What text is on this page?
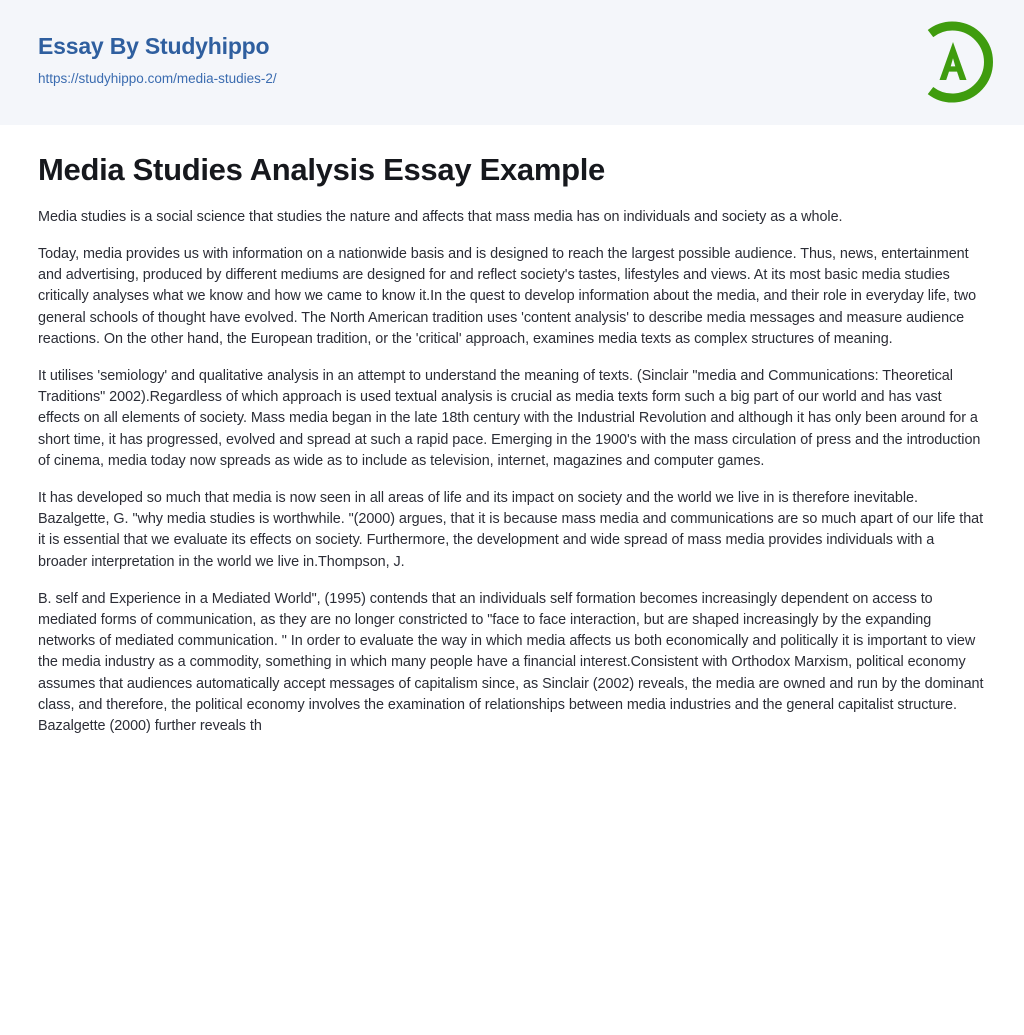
Essay By Studyhippo
https://studyhippo.com/media-studies-2/
Media Studies Analysis Essay Example

Media studies is a social science that studies the nature and affects that mass media has on individuals and society as a whole.

Today, media provides us with information on a nationwide basis and is designed to reach the largest possible audience. Thus, news, entertainment and advertising, produced by different mediums are designed for and reflect society's tastes, lifestyles and views. At its most basic media studies critically analyses what we know and how we came to know it.In the quest to develop information about the media, and their role in everyday life, two general schools of thought have evolved. The North American tradition uses 'content analysis' to describe media messages and measure audience reactions. On the other hand, the European tradition, or the 'critical' approach, examines media texts as complex structures of meaning.

It utilises 'semiology' and qualitative analysis in an attempt to understand the meaning of texts. (Sinclair "media and Communications: Theoretical Traditions" 2002).Regardless of which approach is used textual analysis is crucial as media texts form such a big part of our world and has vast effects on all elements of society. Mass media began in the late 18th century with the Industrial Revolution and although it has only been around for a short time, it has progressed, evolved and spread at such a rapid pace. Emerging in the 1900's with the mass circulation of press and the introduction of cinema, media today now spreads as wide as to include as television, internet, magazines and computer games.

It has developed so much that media is now seen in all areas of life and its impact on society and the world we live in is therefore inevitable. Bazalgette, G. "why media studies is worthwhile. "(2000) argues, that it is because mass media and communications are so much apart of our life that it is essential that we evaluate its effects on society. Furthermore, the development and wide spread of mass media provides individuals with a broader interpretation in the world we live in.Thompson, J.

B. self and Experience in a Mediated World", (1995) contends that an individuals self formation becomes increasingly dependent on access to mediated forms of communication, as they are no longer constricted to "face to face interaction, but are shaped increasingly by the expanding networks of mediated communication. " In order to evaluate the way in which media affects us both economically and politically it is important to view the media industry as a commodity, something in which many people have a financial interest.Consistent with Orthodox Marxism, political economy assumes that audiences automatically accept messages of capitalism since, as Sinclair (2002) reveals, the media are owned and run by the dominant class, and therefore, the political economy involves the examination of relationships between media industries and the general capitalist structure. Bazalgette (2000) further reveals th
